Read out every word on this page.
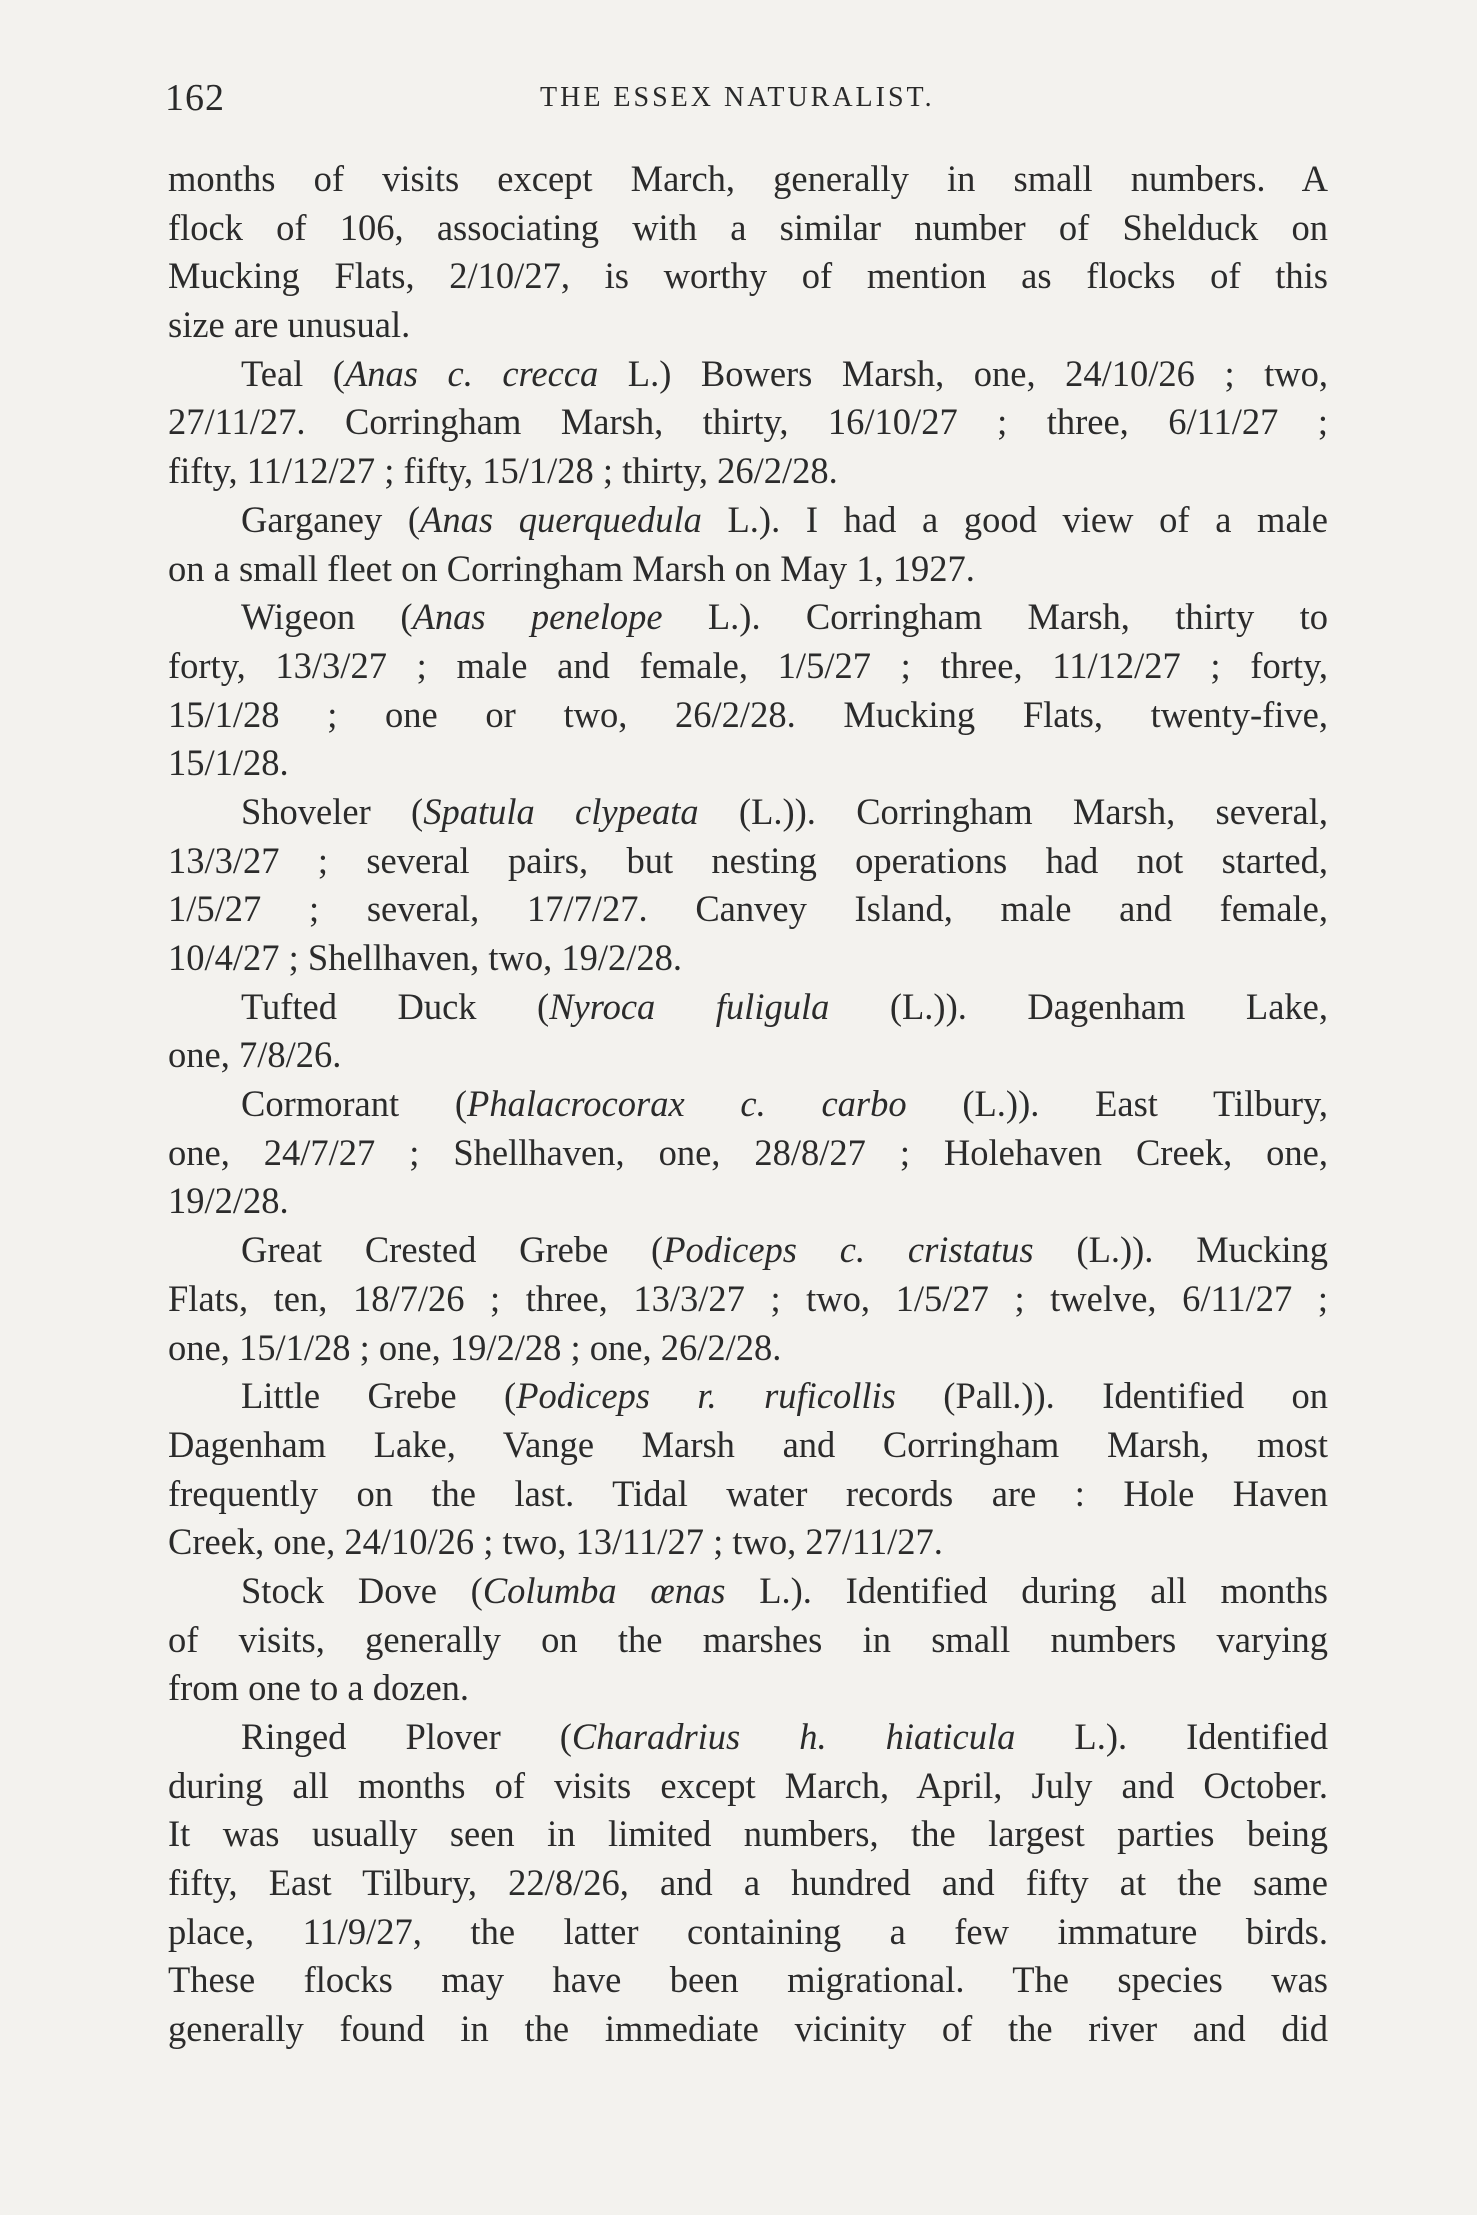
162	THE ESSEX NATURALIST.
months of visits except March, generally in small numbers. A
flock of 106, associating with a similar number of Shelduck on
Mucking Flats, 2/10/27, is worthy of mention as flocks of this
size are unusual.
Teal (Anas c. crecca L.) Bowers Marsh, one, 24/10/26 ; two,
27/11/27. Corringham Marsh, thirty, 16/10/27 ; three, 6/11/27 ;
fifty, 11/12/27 ; fifty, 15/1/28 ; thirty, 26/2/28.
Garganey (Anas querquedula L.). I had a good view of a male
on a small fleet on Corringham Marsh on May 1, 1927.
Wigeon (Anas penelope L.). Corringham Marsh, thirty to
forty, 13/3/27 ; male and female, 1/5/27 ; three, 11/12/27 ; forty,
15/1/28 ; one or two, 26/2/28. Mucking Flats, twenty-five,
15/1/28.
Shoveler (Spatula clypeata (L.)). Corringham Marsh, several,
13/3/27 ; several pairs, but nesting operations had not started,
1/5/27 ; several, 17/7/27. Canvey Island, male and female,
10/4/27 ; Shellhaven, two, 19/2/28.
Tufted Duck (Nyroca fuligula (L.)). Dagenham Lake,
one, 7/8/26.
Cormorant (Phalacrocorax c. carbo (L.)). East Tilbury,
one, 24/7/27 ; Shellhaven, one, 28/8/27 ; Holehaven Creek, one,
19/2/28.
Great Crested Grebe (Podiceps c. cristatus (L.)). Mucking
Flats, ten, 18/7/26 ; three, 13/3/27 ; two, 1/5/27 ; twelve, 6/11/27 ;
one, 15/1/28 ; one, 19/2/28 ; one, 26/2/28.
Little Grebe (Podiceps r. ruficollis (Pall.)). Identified on
Dagenham Lake, Vange Marsh and Corringham Marsh, most
frequently on the last. Tidal water records are : Hole Haven
Creek, one, 24/10/26 ; two, 13/11/27 ; two, 27/11/27.
Stock Dove (Columba œnas L.). Identified during all months
of visits, generally on the marshes in small numbers varying
from one to a dozen.
Ringed Plover (Charadrius h. hiaticula L.). Identified
during all months of visits except March, April, July and October.
It was usually seen in limited numbers, the largest parties being
fifty, East Tilbury, 22/8/26, and a hundred and fifty at the same
place, 11/9/27, the latter containing a few immature birds.
These flocks may have been migrational. The species was
generally found in the immediate vicinity of the river and did
